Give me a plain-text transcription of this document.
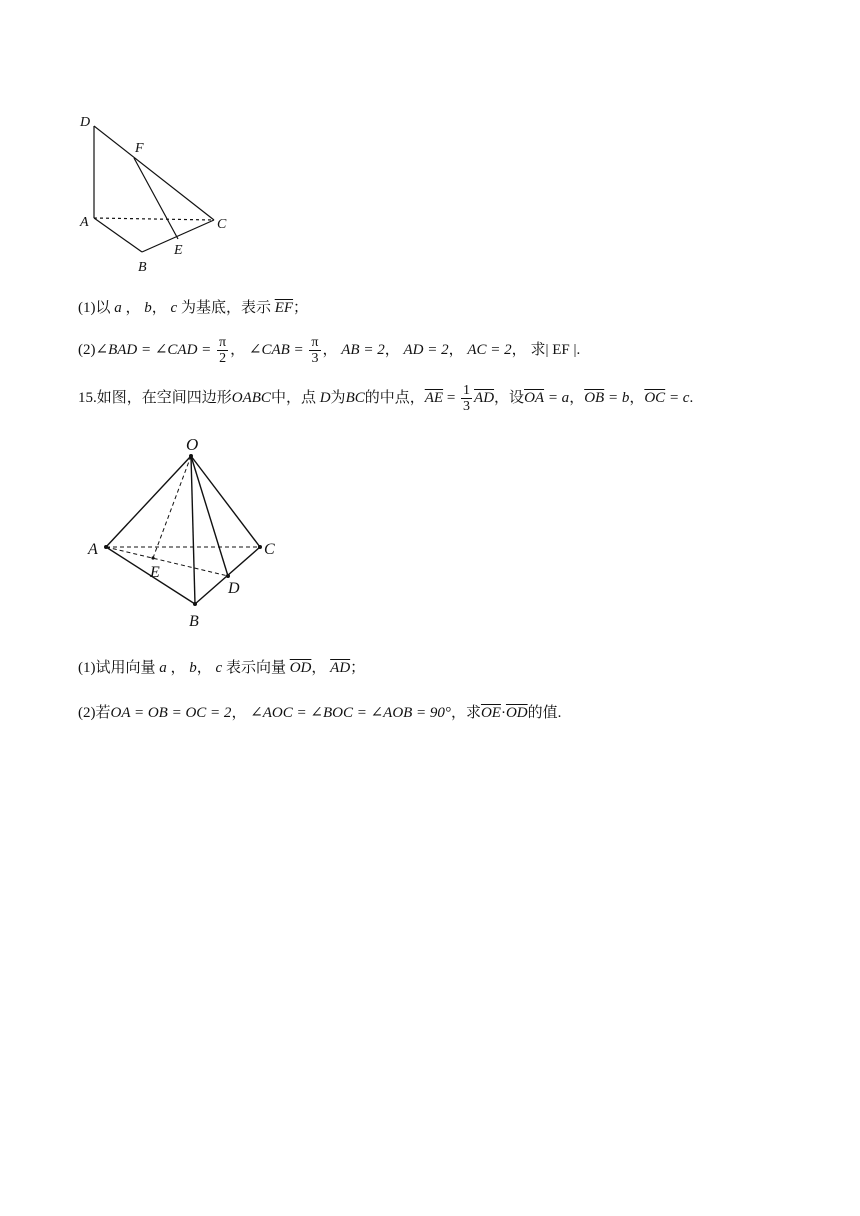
D
F
A	C
E
B
(1)以 a ， b， c 为基底，表示 $\overline{EF}$；
(2)∠BAD = ∠CAD = $\frac{\pi}{2}$ ， ∠CAB = $\frac{\pi}{3}$ ， AB = 2， AD = 2， AC = 2， 求| EF |.
15.如图，在空间四边形OABC中，点 D为BC的中点，$\overline{AE} = \frac{1}{3} \overline{AD}$，设$\overline{OA} = a$，$\overline{OB} = b$，$\overline{OC} = c$.
O
A	C
E
D
B
(1)试用向量 a ， b， c 表示向量 $\overline{OD}$， $\overline{AD}$；
(2)若OA = OB = OC = 2， ∠AOC = ∠BOC = ∠AOB = 90°，求$\overline{OE}\cdot\overline{OD}$的值.
